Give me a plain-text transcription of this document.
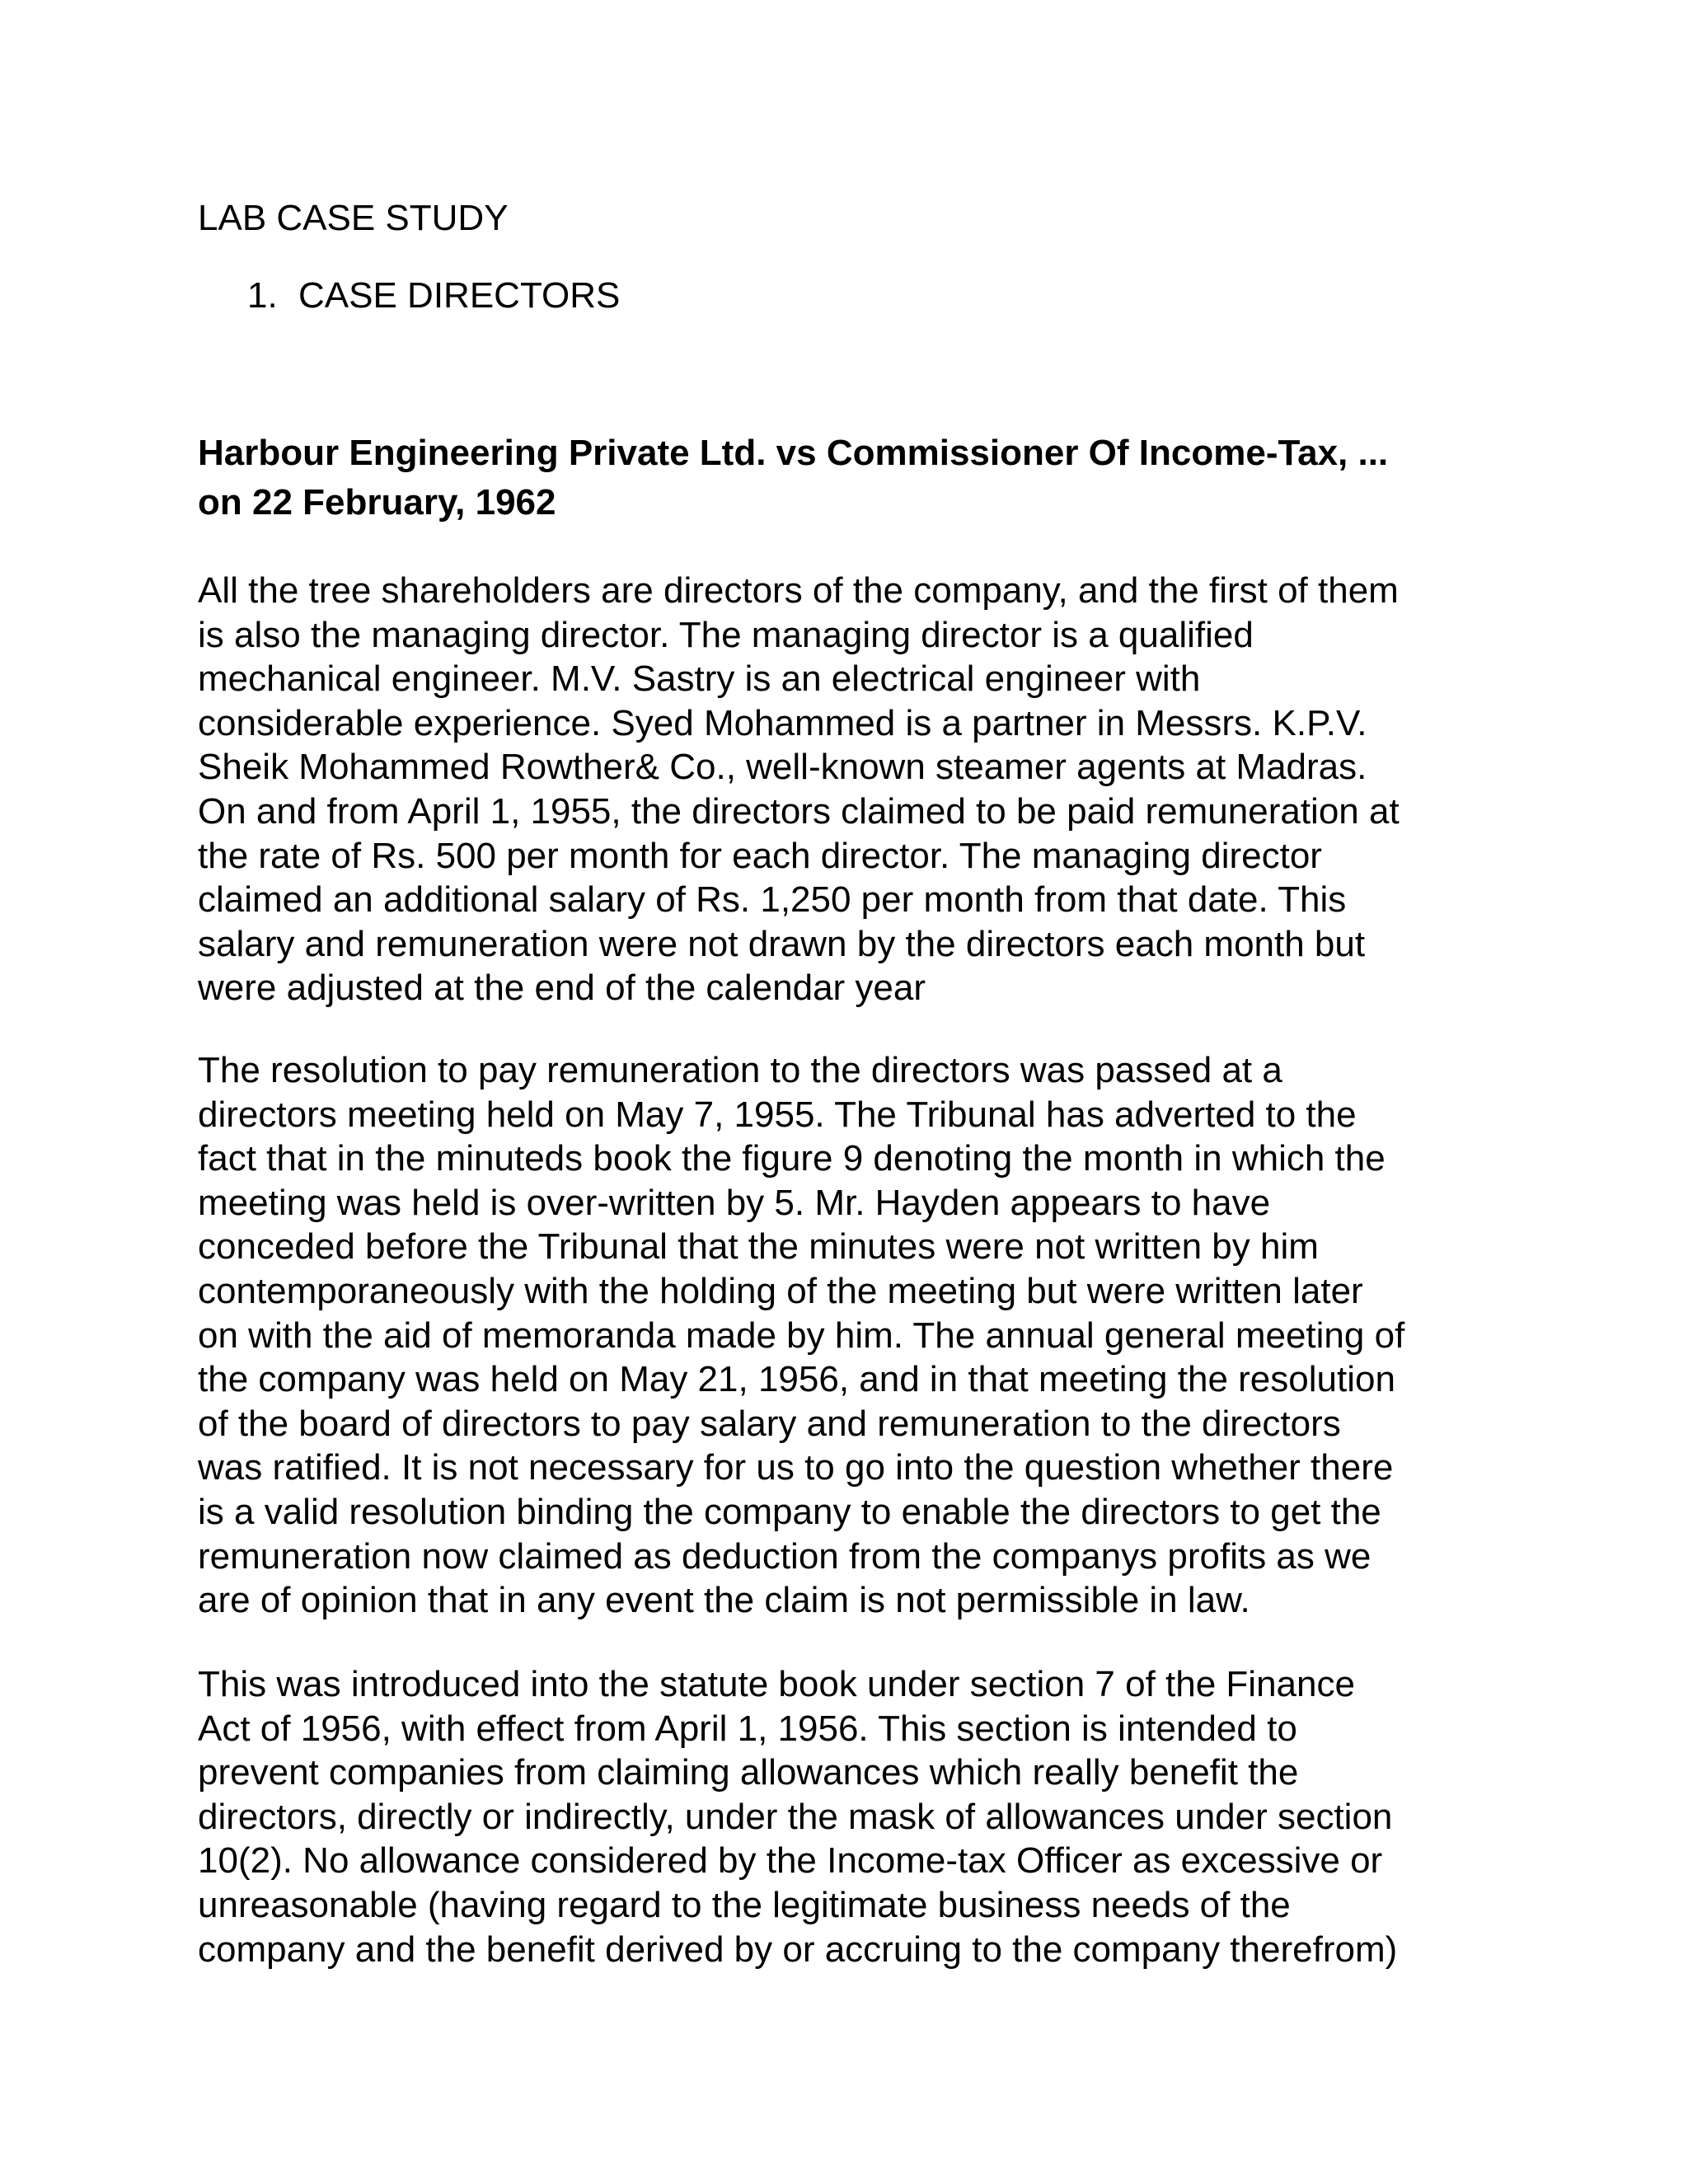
LAB CASE STUDY
1. CASE DIRECTORS
Harbour Engineering Private Ltd. vs Commissioner Of Income-Tax, ...
on 22 February, 1962
All the tree shareholders are directors of the company, and the first of them
is also the managing director. The managing director is a qualified
mechanical engineer. M.V. Sastry is an electrical engineer with
considerable experience. Syed Mohammed is a partner in Messrs. K.P.V.
Sheik Mohammed Rowther& Co., well-known steamer agents at Madras.
On and from April 1, 1955, the directors claimed to be paid remuneration at
the rate of Rs. 500 per month for each director. The managing director
claimed an additional salary of Rs. 1,250 per month from that date. This
salary and remuneration were not drawn by the directors each month but
were adjusted at the end of the calendar year
The resolution to pay remuneration to the directors was passed at a
directors meeting held on May 7, 1955. The Tribunal has adverted to the
fact that in the minuteds book the figure 9 denoting the month in which the
meeting was held is over-written by 5. Mr. Hayden appears to have
conceded before the Tribunal that the minutes were not written by him
contemporaneously with the holding of the meeting but were written later
on with the aid of memoranda made by him. The annual general meeting of
the company was held on May 21, 1956, and in that meeting the resolution
of the board of directors to pay salary and remuneration to the directors
was ratified. It is not necessary for us to go into the question whether there
is a valid resolution binding the company to enable the directors to get the
remuneration now claimed as deduction from the companys profits as we
are of opinion that in any event the claim is not permissible in law.
This was introduced into the statute book under section 7 of the Finance
Act of 1956, with effect from April 1, 1956. This section is intended to
prevent companies from claiming allowances which really benefit the
directors, directly or indirectly, under the mask of allowances under section
10(2). No allowance considered by the Income-tax Officer as excessive or
unreasonable (having regard to the legitimate business needs of the
company and the benefit derived by or accruing to the company therefrom)
